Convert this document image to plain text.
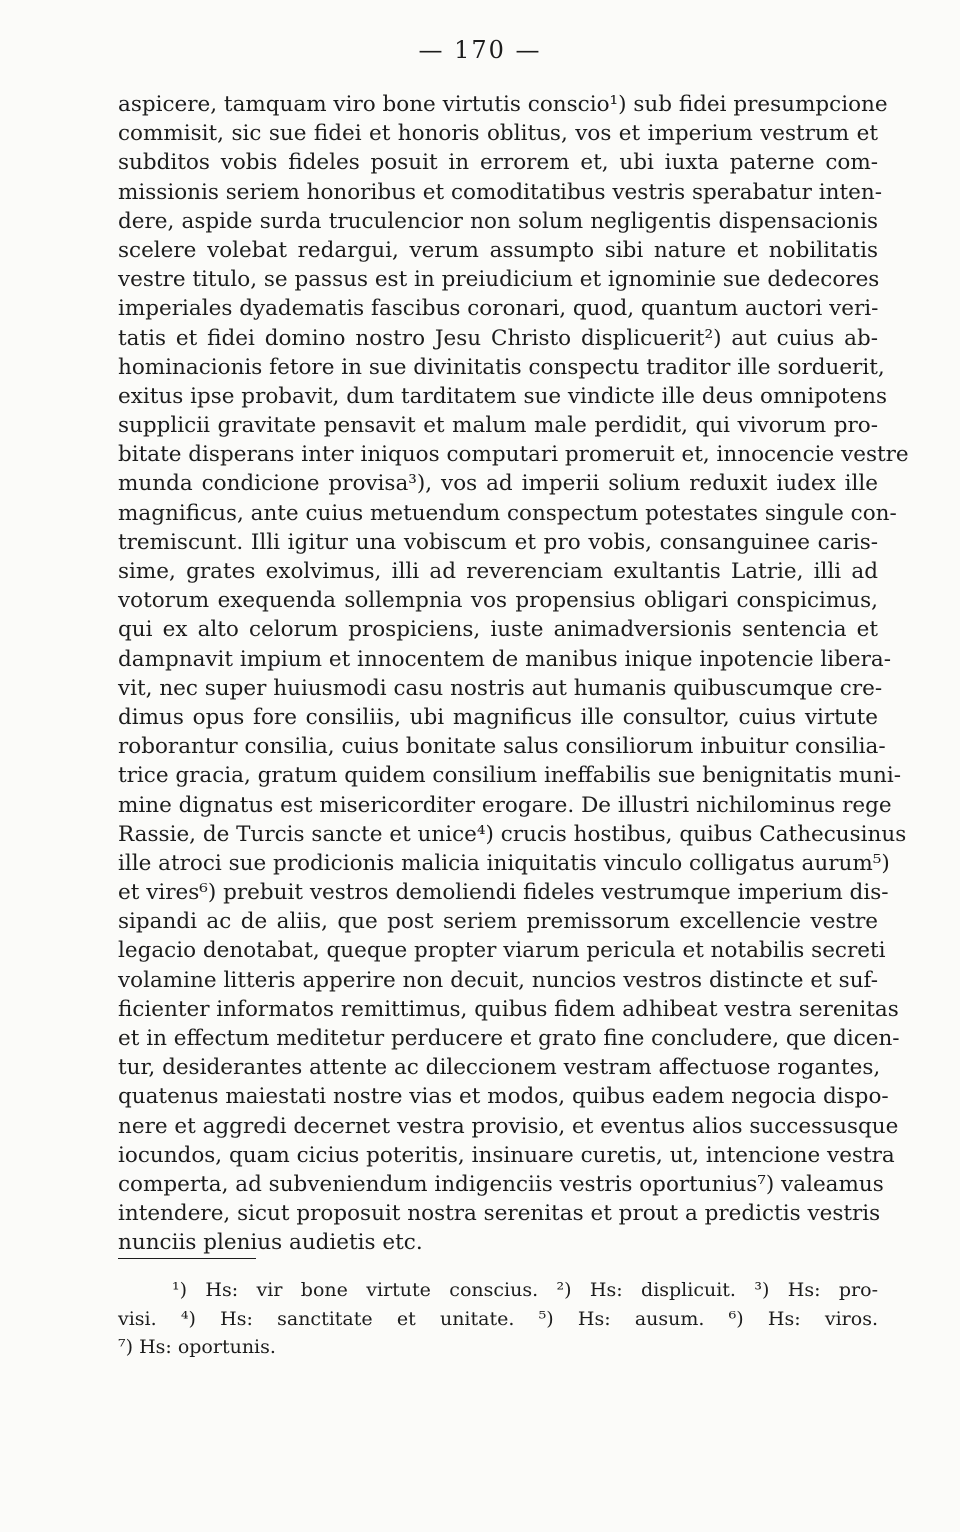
— 170 —
aspicere, tamquam viro bone virtutis conscio¹) sub fidei presumpcione
commisit, sic sue fidei et honoris oblitus, vos et imperium vestrum et
subditos vobis fideles posuit in errorem et, ubi iuxta paterne com-
missionis seriem honoribus et comoditatibus vestris sperabatur inten-
dere, aspide surda truculencior non solum negligentis dispensacionis
scelere volebat redargui, verum assumpto sibi nature et nobilitatis
vestre titulo, se passus est in preiudicium et ignominie sue dedecores
imperiales dyadematis fascibus coronari, quod, quantum auctori veri-
tatis et fidei domino nostro Jesu Christo displicuerit²) aut cuius ab-
hominacionis fetore in sue divinitatis conspectu traditor ille sorduerit,
exitus ipse probavit, dum tarditatem sue vindicte ille deus omnipotens
supplicii gravitate pensavit et malum male perdidit, qui vivorum pro-
bitate disperans inter iniquos computari promeruit et, innocencie vestre
munda condicione provisa³), vos ad imperii solium reduxit iudex ille
magnificus, ante cuius metuendum conspectum potestates singule con-
tremiscunt. Illi igitur una vobiscum et pro vobis, consanguinee caris-
sime, grates exolvimus, illi ad reverenciam exultantis Latrie, illi ad
votorum exequenda sollempnia vos propensius obligari conspicimus,
qui ex alto celorum prospiciens, iuste animadversionis sentencia et
dampnavit impium et innocentem de manibus inique inpotencie libera-
vit, nec super huiusmodi casu nostris aut humanis quibuscumque cre-
dimus opus fore consiliis, ubi magnificus ille consultor, cuius virtute
roborantur consilia, cuius bonitate salus consiliorum inbuitur consilia-
trice gracia, gratum quidem consilium ineffabilis sue benignitatis muni-
mine dignatus est misericorditer erogare. De illustri nichilominus rege
Rassie, de Turcis sancte et unice⁴) crucis hostibus, quibus Cathecusinus
ille atroci sue prodicionis malicia iniquitatis vinculo colligatus aurum⁵)
et vires⁶) prebuit vestros demoliendi fideles vestrumque imperium dis-
sipandi ac de aliis, que post seriem premissorum excellencie vestre
legacio denotabat, queque propter viarum pericula et notabilis secreti
volamine litteris apperire non decuit, nuncios vestros distincte et suf-
ficienter informatos remittimus, quibus fidem adhibeat vestra serenitas
et in effectum meditetur perducere et grato fine concludere, que dicen-
tur, desiderantes attente ac dileccionem vestram affectuose rogantes,
quatenus maiestati nostre vias et modos, quibus eadem negocia dispo-
nere et aggredi decernet vestra provisio, et eventus alios successusque
iocundos, quam cicius poteritis, insinuare curetis, ut, intencione vestra
comperta, ad subveniendum indigenciis vestris oportunius⁷) valeamus
intendere, sicut proposuit nostra serenitas et prout a predictis vestris
nunciis plenius audietis etc.
¹) Hs: vir bone virtute conscius. ²) Hs: displicuit. ³) Hs: pro-
visi. ⁴) Hs: sanctitate et unitate. ⁵) Hs: ausum. ⁶) Hs: viros.
⁷) Hs: oportunis.
